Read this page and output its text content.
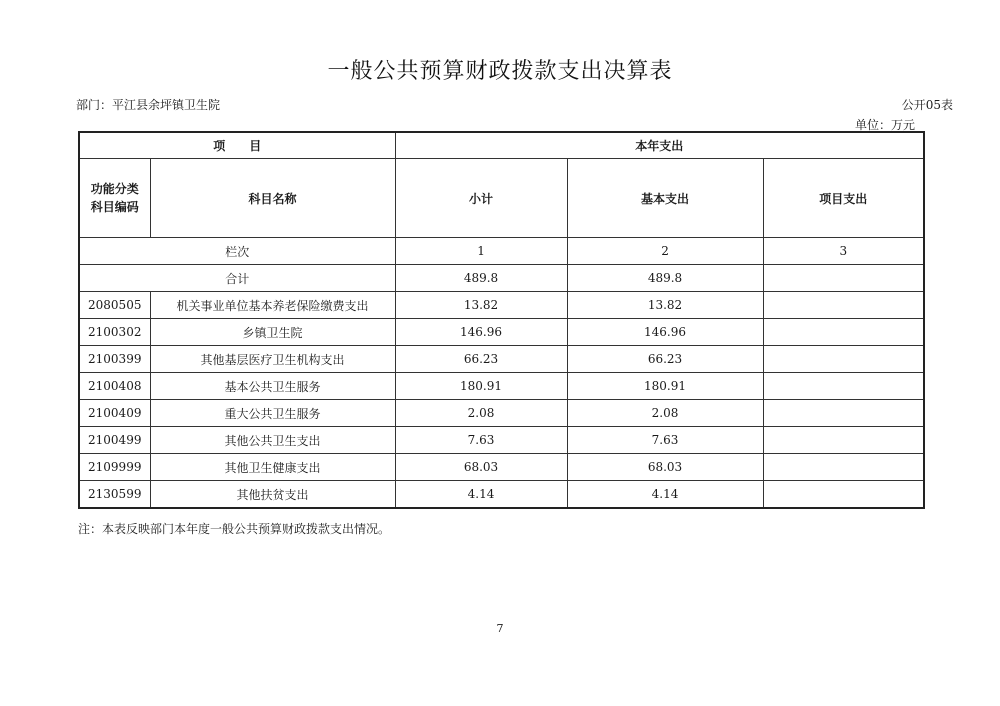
一般公共预算财政拨款支出决算表
部门：平江县余坪镇卫生院	公开05表
单位：万元
项　　目		本年支出		
功能分类
科目编码	科目名称	小计	基本支出	项目支出
栏次		1	2	3
合计		489.8	489.8	
2080505	机关事业单位基本养老保险缴费支出	13.82	13.82	
2100302	乡镇卫生院	146.96	146.96	
2100399	其他基层医疗卫生机构支出	66.23	66.23	
2100408	基本公共卫生服务	180.91	180.91	
2100409	重大公共卫生服务	2.08	2.08	
2100499	其他公共卫生支出	7.63	7.63	
2109999	其他卫生健康支出	68.03	68.03	
2130599	其他扶贫支出	4.14	4.14	
注：本表反映部门本年度一般公共预算财政拨款支出情况。
7
